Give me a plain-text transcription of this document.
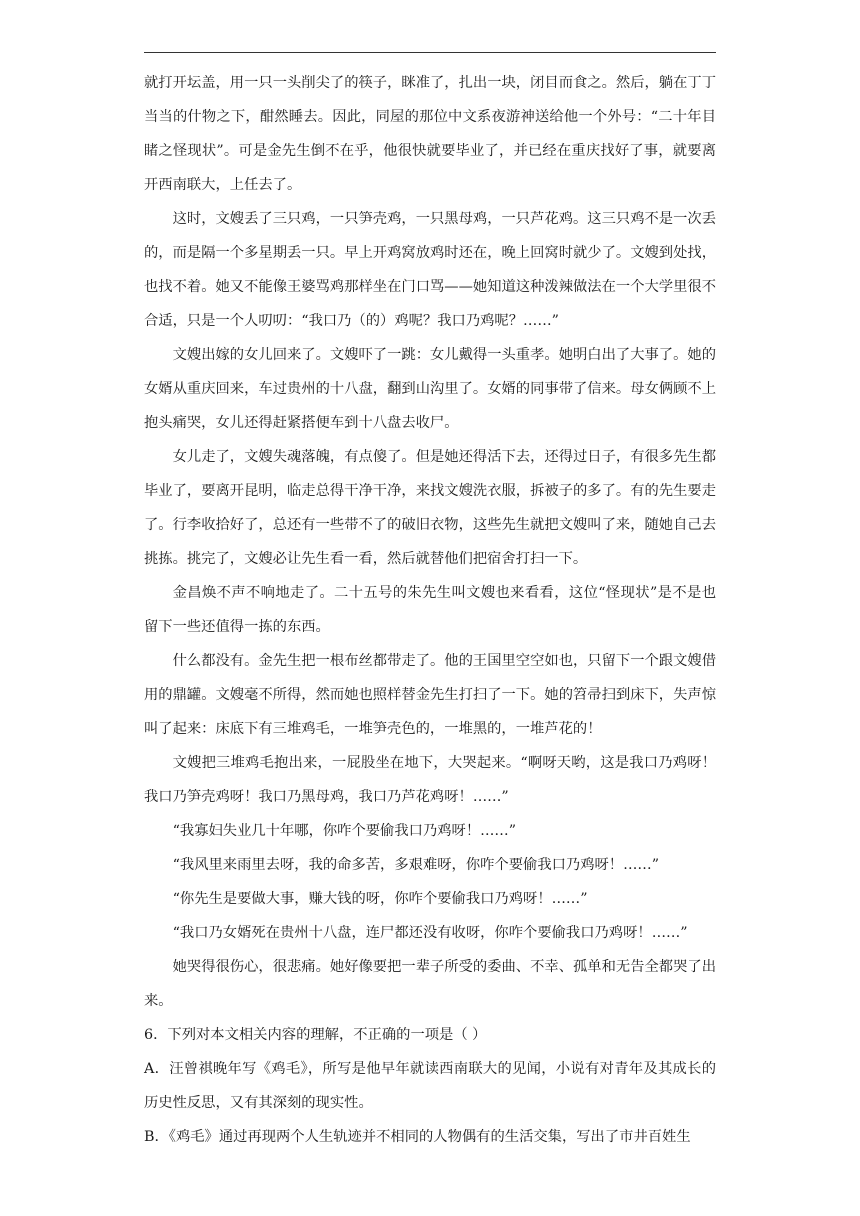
就打开坛盖，用一只一头削尖了的筷子，眯准了，扎出一块，闭目而食之。然后，躺在丁丁当当的什物之下，酣然睡去。因此，同屋的那位中文系夜游神送给他一个外号：“二十年目睹之怪现状”。可是金先生倒不在乎，他很快就要毕业了，并已经在重庆找好了事，就要离开西南联大，上任去了。

这时，文嫂丢了三只鸡，一只笋壳鸡，一只黑母鸡，一只芦花鸡。这三只鸡不是一次丢的，而是隔一个多星期丢一只。早上开鸡窝放鸡时还在，晚上回窝时就少了。文嫂到处找，也找不着。她又不能像王婆骂鸡那样坐在门口骂——她知道这种泼辣做法在一个大学里很不合适，只是一个人叨叨：“我口乃（的）鸡呢？我口乃鸡呢？……”

文嫂出嫁的女儿回来了。文嫂吓了一跳：女儿戴得一头重孝。她明白出了大事了。她的女婿从重庆回来，车过贵州的十八盘，翻到山沟里了。女婿的同事带了信来。母女俩顾不上抱头痛哭，女儿还得赶紧搭便车到十八盘去收尸。

女儿走了，文嫂失魂落魄，有点傻了。但是她还得活下去，还得过日子，有很多先生都毕业了，要离开昆明，临走总得干净干净，来找文嫂洗衣服，拆被子的多了。有的先生要走了。行李收拾好了，总还有一些带不了的破旧衣物，这些先生就把文嫂叫了来，随她自己去挑拣。挑完了，文嫂必让先生看一看，然后就替他们把宿舍打扫一下。

金昌焕不声不响地走了。二十五号的朱先生叫文嫂也来看看，这位“怪现状”是不是也留下一些还值得一拣的东西。

什么都没有。金先生把一根布丝都带走了。他的王国里空空如也，只留下一个跟文嫂借用的鼎罐。文嫂毫不所得，然而她也照样替金先生打扫了一下。她的笤帚扫到床下，失声惊叫了起来：床底下有三堆鸡毛，一堆笋壳色的，一堆黑的，一堆芦花的！

文嫂把三堆鸡毛抱出来，一屁股坐在地下，大哭起来。“啊呀天哟，这是我口乃鸡呀！我口乃笋壳鸡呀！我口乃黑母鸡，我口乃芦花鸡呀！……”

“我寡妇失业几十年哪，你咋个要偷我口乃鸡呀！……”

“我风里来雨里去呀，我的命多苦，多艰难呀，你咋个要偷我口乃鸡呀！……”

“你先生是要做大事，赚大钱的呀，你咋个要偷我口乃鸡呀！……”

“我口乃女婿死在贵州十八盘，连尸都还没有收呀，你咋个要偷我口乃鸡呀！……”

她哭得很伤心，很悲痛。她好像要把一辈子所受的委曲、不幸、孤单和无告全都哭了出来。

6．下列对本文相关内容的理解，不正确的一项是（ ）

A．汪曾祺晚年写《鸡毛》，所写是他早年就读西南联大的见闻，小说有对青年及其成长的历史性反思，又有其深刻的现实性。

B．《鸡毛》通过再现两个人生轨迹并不相同的人物偶有的生活交集，写出了市井百姓生
